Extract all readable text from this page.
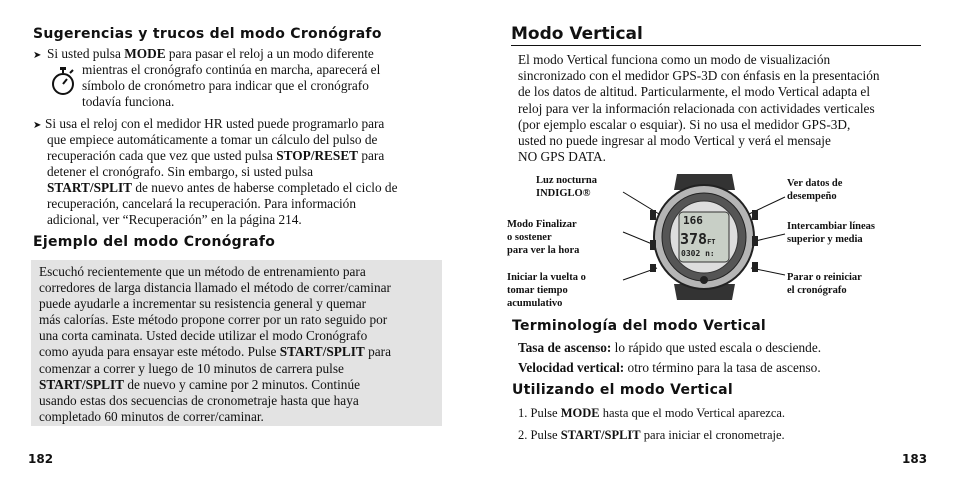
Sugerencias y trucos del modo Cronógrafo
➤ Si usted pulsa MODE para pasar el reloj a un modo diferente

mientras el cronógrafo continúa en marcha, aparecerá el

símbolo de cronómetro para indicar que el cronógrafo

todavía funciona.

➤ Si usa el reloj con el medidor HR usted puede programarlo para

que empiece automáticamente a tomar un cálculo del pulso de

recuperación cada que vez que usted pulsa STOP/RESET para

detener el cronógrafo. Sin embargo, si usted pulsa

START/SPLIT de nuevo antes de haberse completado el ciclo de

recuperación, cancelará la recuperación. Para información

adicional, ver “Recuperación” en la página 214.

Ejemplo del modo Cronógrafo
Escuchó recientemente que un método de entrenamiento para
corredores de larga distancia llamado el método de correr/caminar
puede ayudarle a incrementar su resistencia general y quemar
más calorías. Este método propone correr por un rato seguido por
una corta caminata. Usted decide utilizar el modo Cronógrafo
como ayuda para ensayar este método. Pulse START/SPLIT para
comenzar a correr y luego de 10 minutos de carrera pulse
START/SPLIT de nuevo y camine por 2 minutos. Continúe
usando estas dos secuencias de cronometraje hasta que haya
completado 60 minutos de correr/caminar.
182
Modo Vertical
El modo Vertical funciona como un modo de visualización
sincronizado con el medidor GPS-3D con énfasis en la presentación
de los datos de altitud. Particularmente, el modo Vertical adapta el
reloj para ver la información relacionada con actividades verticales
(por ejemplo escalar o esquiar). Si no usa el medidor GPS-3D,
usted no puede ingresar al modo Vertical y verá el mensaje
NO GPS DATA.
Luz nocturna
INDIGLO®
Modo Finalizar
o sostener
para ver la hora
Iniciar la vuelta o
tomar tiempo
acumulativo
Ver datos de
desempeño
Intercambiar líneas
superior y media
Parar o reiniciar
el cronógrafo
166
378FT
0302 n:
Terminología del modo Vertical

Tasa de ascenso: lo rápido que usted escala o desciende.

Velocidad vertical: otro término para la tasa de ascenso.

Utilizando el modo Vertical

1. Pulse MODE hasta que el modo Vertical aparezca.

2. Pulse START/SPLIT para iniciar el cronometraje.

183
